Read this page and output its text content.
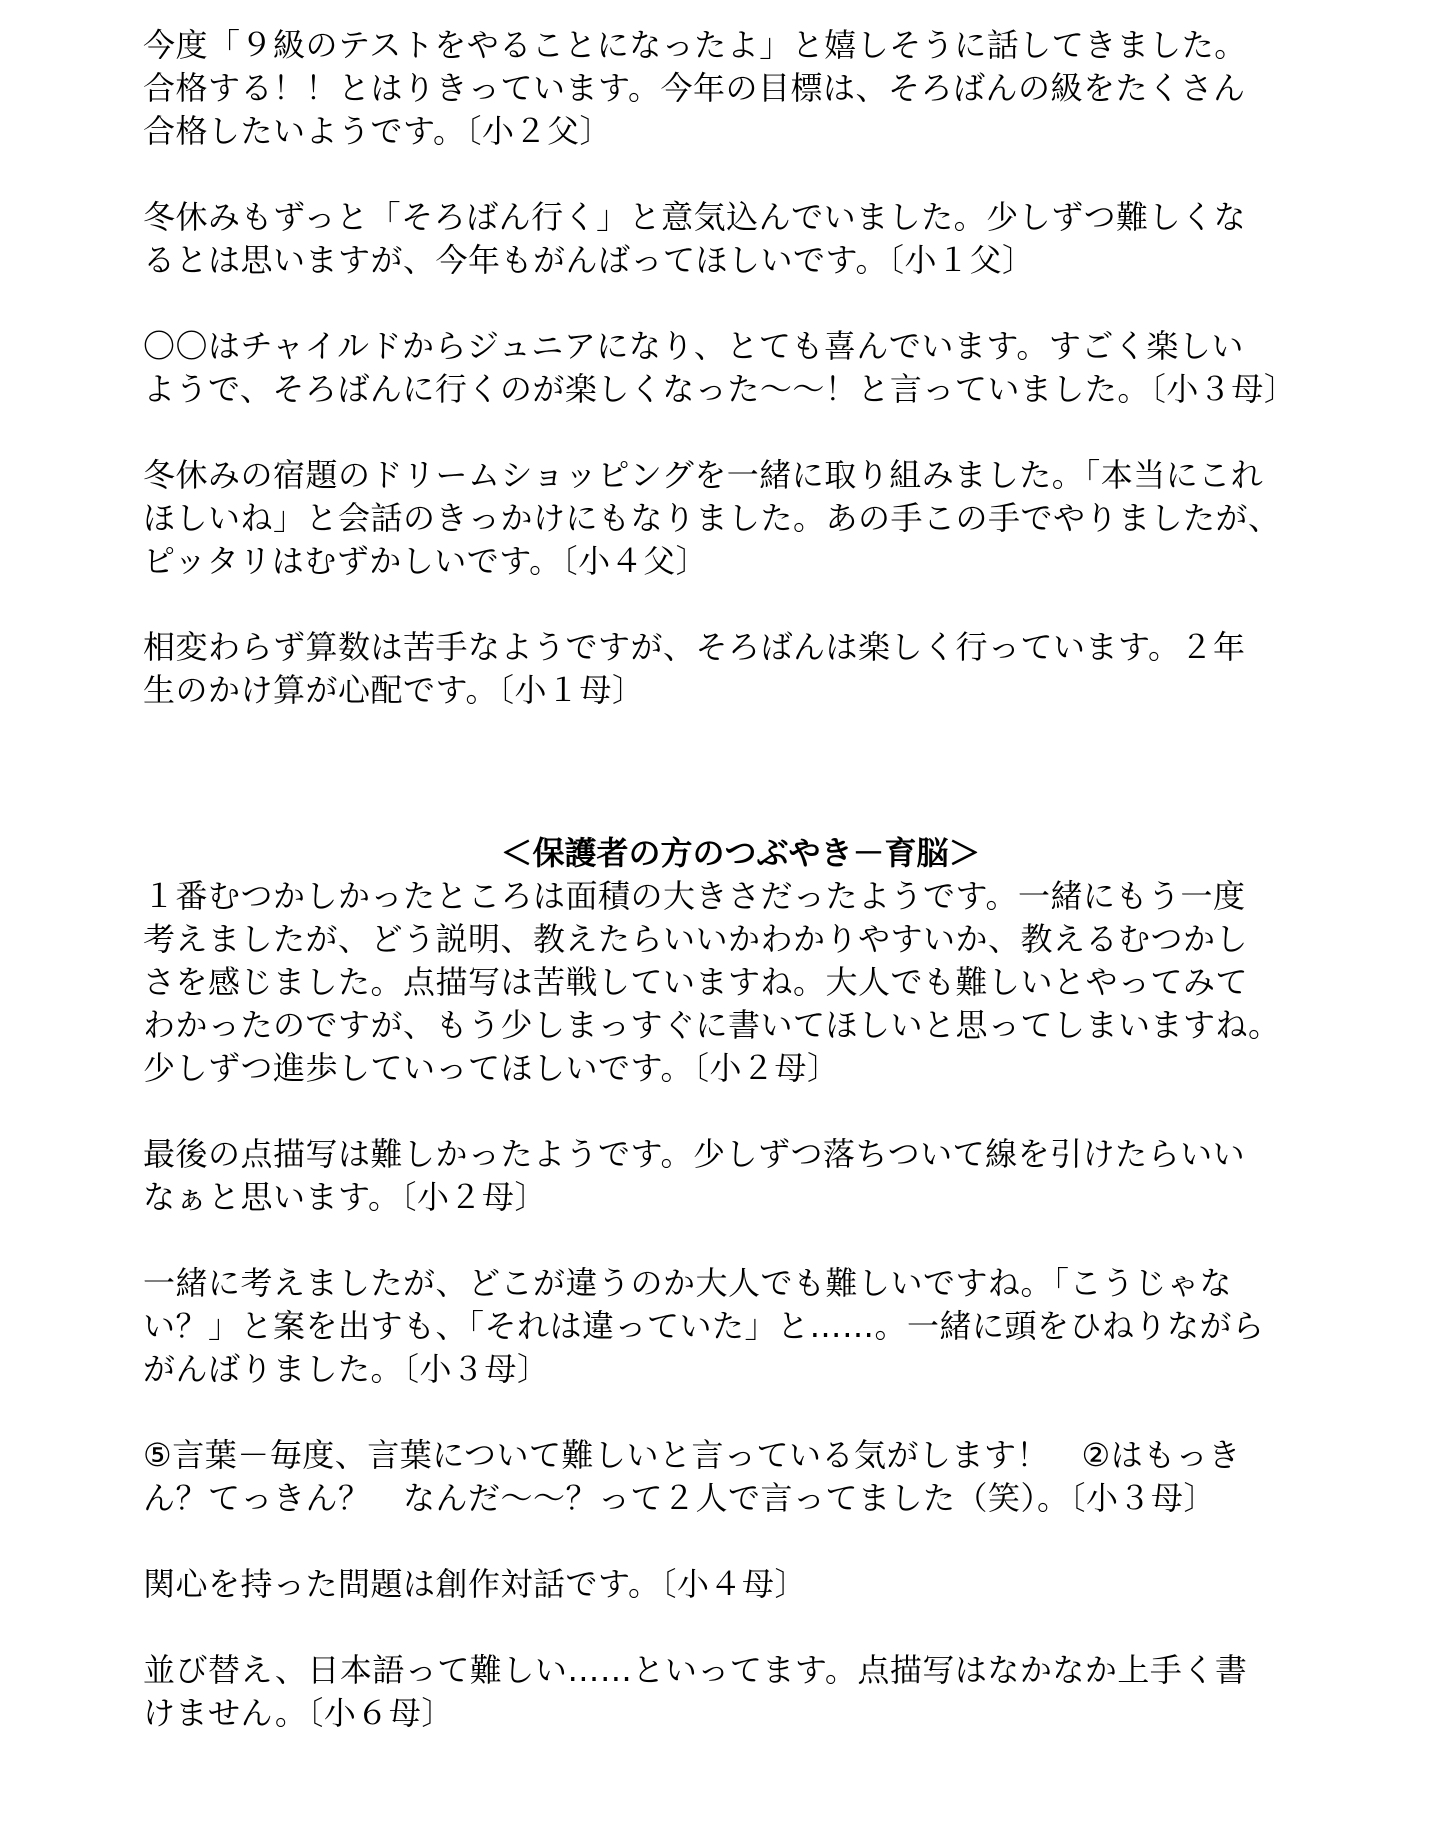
今度「９級のテストをやることになったよ」と嬉しそうに話してきました。
合格する！！とはりきっています。今年の目標は、そろばんの級をたくさん
合格したいようです。〔小２父〕

冬休みもずっと「そろばん行く」と意気込んでいました。少しずつ難しくな
るとは思いますが、今年もがんばってほしいです。〔小１父〕

〇〇はチャイルドからジュニアになり、とても喜んでいます。すごく楽しい
ようで、そろばんに行くのが楽しくなった～～！と言っていました。〔小３母〕

冬休みの宿題のドリームショッピングを一緒に取り組みました。「本当にこれ
ほしいね」と会話のきっかけにもなりました。あの手この手でやりましたが、
ピッタリはむずかしいです。〔小４父〕

相変わらず算数は苦手なようですが、そろばんは楽しく行っています。２年
生のかけ算が心配です。〔小１母〕

＜保護者の方のつぶやき－育脳＞

１番むつかしかったところは面積の大きさだったようです。一緒にもう一度
考えましたが、どう説明、教えたらいいかわかりやすいか、教えるむつかし
さを感じました。点描写は苦戦していますね。大人でも難しいとやってみて
わかったのですが、もう少しまっすぐに書いてほしいと思ってしまいますね。
少しずつ進歩していってほしいです。〔小２母〕

最後の点描写は難しかったようです。少しずつ落ちついて線を引けたらいい
なぁと思います。〔小２母〕

一緒に考えましたが、どこが違うのか大人でも難しいですね。「こうじゃな
い？」と案を出すも、「それは違っていた」と……。一緒に頭をひねりながら
がんばりました。〔小３母〕

⑤言葉－毎度、言葉について難しいと言っている気がします！　②はもっき
ん？てっきん？　なんだ～～？って２人で言ってました（笑）。〔小３母〕

関心を持った問題は創作対話です。〔小４母〕

並び替え、日本語って難しい……といってます。点描写はなかなか上手く書
けません。〔小６母〕
